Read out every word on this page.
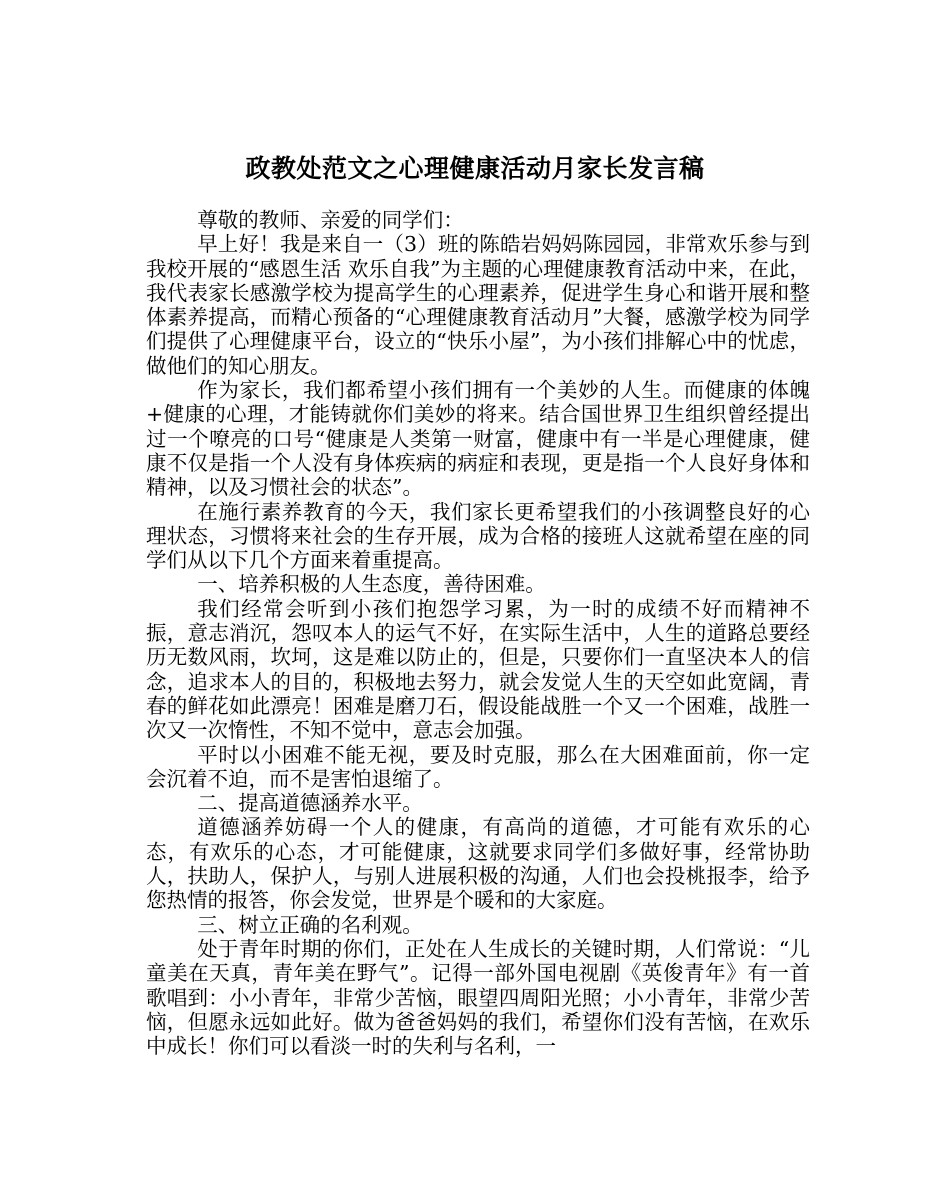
政教处范文之心理健康活动月家长发言稿

尊敬的教师、亲爱的同学们：

早上好！我是来自一（3）班的陈皓岩妈妈陈园园，非常欢乐参与到我校开展的“感恩生活 欢乐自我”为主题的心理健康教育活动中来，在此，我代表家长感激学校为提高学生的心理素养，促进学生身心和谐开展和整体素养提高，而精心预备的“心理健康教育活动月”大餐，感激学校为同学们提供了心理健康平台，设立的“快乐小屋”，为小孩们排解心中的忧虑，做他们的知心朋友。

作为家长，我们都希望小孩们拥有一个美妙的人生。而健康的体魄+健康的心理，才能铸就你们美妙的将来。结合国世界卫生组织曾经提出过一个嘹亮的口号“健康是人类第一财富，健康中有一半是心理健康，健康不仅是指一个人没有身体疾病的病症和表现，更是指一个人良好身体和精神，以及习惯社会的状态”。

在施行素养教育的今天，我们家长更希望我们的小孩调整良好的心理状态，习惯将来社会的生存开展，成为合格的接班人这就希望在座的同学们从以下几个方面来着重提高。

一、培养积极的人生态度，善待困难。

我们经常会听到小孩们抱怨学习累，为一时的成绩不好而精神不振，意志消沉，怨叹本人的运气不好，在实际生活中，人生的道路总要经历无数风雨，坎坷，这是难以防止的，但是，只要你们一直坚决本人的信念，追求本人的目的，积极地去努力，就会发觉人生的天空如此宽阔，青春的鲜花如此漂亮！困难是磨刀石，假设能战胜一个又一个困难，战胜一次又一次惰性，不知不觉中，意志会加强。

平时以小困难不能无视，要及时克服，那么在大困难面前，你一定会沉着不迫，而不是害怕退缩了。

二、提高道德涵养水平。

道德涵养妨碍一个人的健康，有高尚的道德，才可能有欢乐的心态，有欢乐的心态，才可能健康，这就要求同学们多做好事，经常协助人，扶助人，保护人，与别人进展积极的沟通，人们也会投桃报李，给予您热情的报答，你会发觉，世界是个暖和的大家庭。

三、树立正确的名利观。

处于青年时期的你们，正处在人生成长的关键时期，人们常说：“儿童美在天真，青年美在野气”。记得一部外国电视剧《英俊青年》有一首歌唱到：小小青年，非常少苦恼，眼望四周阳光照；小小青年，非常少苦恼，但愿永远如此好。做为爸爸妈妈的我们，希望你们没有苦恼，在欢乐中成长！你们可以看淡一时的失利与名利，一
